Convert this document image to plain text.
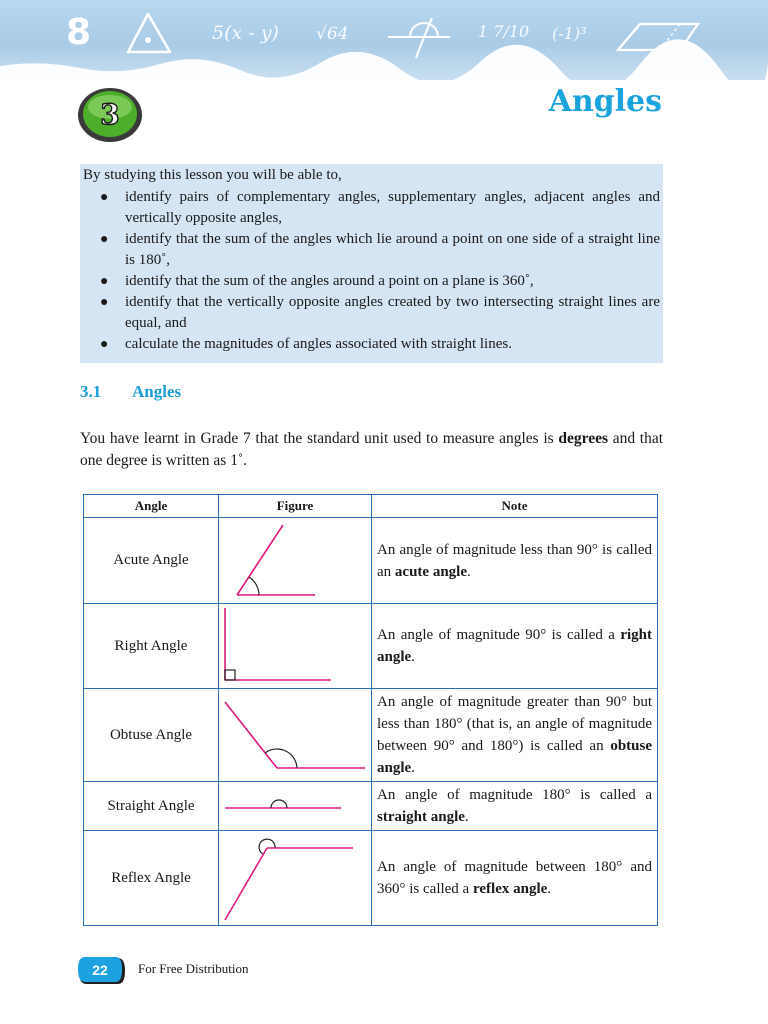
8	5(x - y) √64	1 7/10 (-1)³
3	Angles

By studying this lesson you will be able to,

● identify pairs of complementary angles, supplementary angles, adjacent angles and vertically opposite angles,
● identify that the sum of the angles which lie around a point on one side of a straight line is 180˚,
● identify that the sum of the angles around a point on a plane is 360˚,
● identify that the vertically opposite angles created by two intersecting straight lines are equal, and
● calculate the magnitudes of angles associated with straight lines.
3.1 Angles
You have learnt in Grade 7 that the standard unit used to measure angles is degrees and that one degree is written as 1˚.
Angle	Figure	Note
Acute Angle		An angle of magnitude less than 90° is called an acute angle.
Right Angle		An angle of magnitude 90° is called a right angle.
Obtuse Angle		An angle of magnitude greater than 90° but less than 180° (that is, an angle of magnitude between 90° and 180°) is called an obtuse angle.
Straight Angle		An angle of magnitude 180° is called a straight angle.
Reflex Angle		An angle of magnitude between 180° and 360° is called a reflex angle.
22 For Free Distribution
